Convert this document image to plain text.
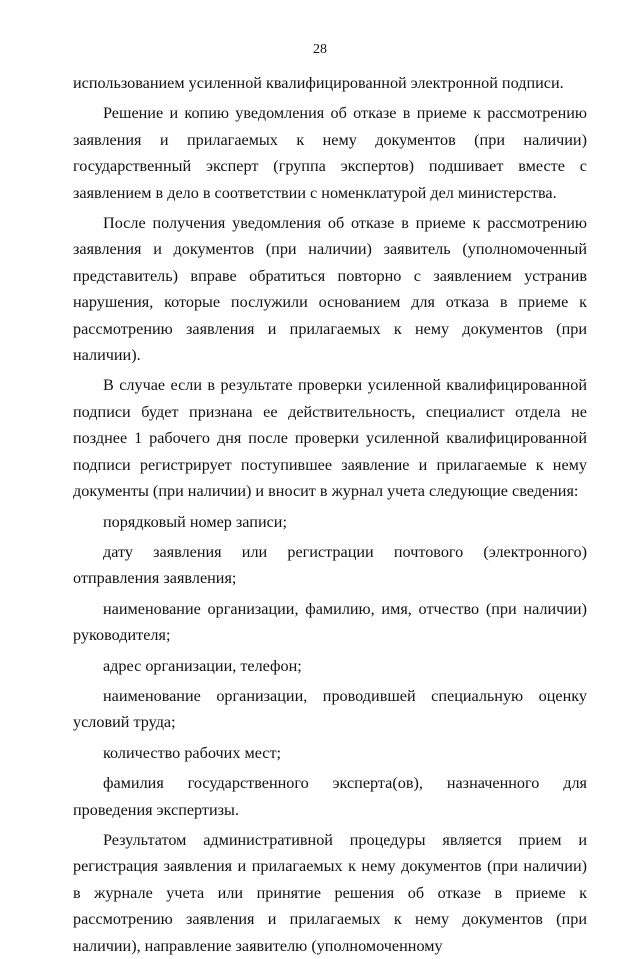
28

использованием усиленной квалифицированной электронной подписи.

Решение и копию уведомления об отказе в приеме к рассмотрению заявления и прилагаемых к нему документов (при наличии) государственный эксперт (группа экспертов) подшивает вместе с заявлением в дело в соответствии с номенклатурой дел министерства.

После получения уведомления об отказе в приеме к рассмотрению заявления и документов (при наличии) заявитель (уполномоченный представитель) вправе обратиться повторно с заявлением устранив нарушения, которые послужили основанием для отказа в приеме к рассмотрению заявления и прилагаемых к нему документов (при наличии).

В случае если в результате проверки усиленной квалифицированной подписи будет признана ее действительность, специалист отдела не позднее 1 рабочего дня после проверки усиленной квалифицированной подписи регистрирует поступившее заявление и прилагаемые к нему документы (при наличии) и вносит в журнал учета следующие сведения:

порядковый номер записи;

дату заявления или регистрации почтового (электронного) отправления заявления;

наименование организации, фамилию, имя, отчество (при наличии) руководителя;

адрес организации, телефон;

наименование организации, проводившей специальную оценку условий труда;

количество рабочих мест;

фамилия государственного эксперта(ов), назначенного для проведения экспертизы.

Результатом административной процедуры является прием и регистрация заявления и прилагаемых к нему документов (при наличии) в журнале учета или принятие решения об отказе в приеме к рассмотрению заявления и прилагаемых к нему документов (при наличии), направление заявителю (уполномоченному
